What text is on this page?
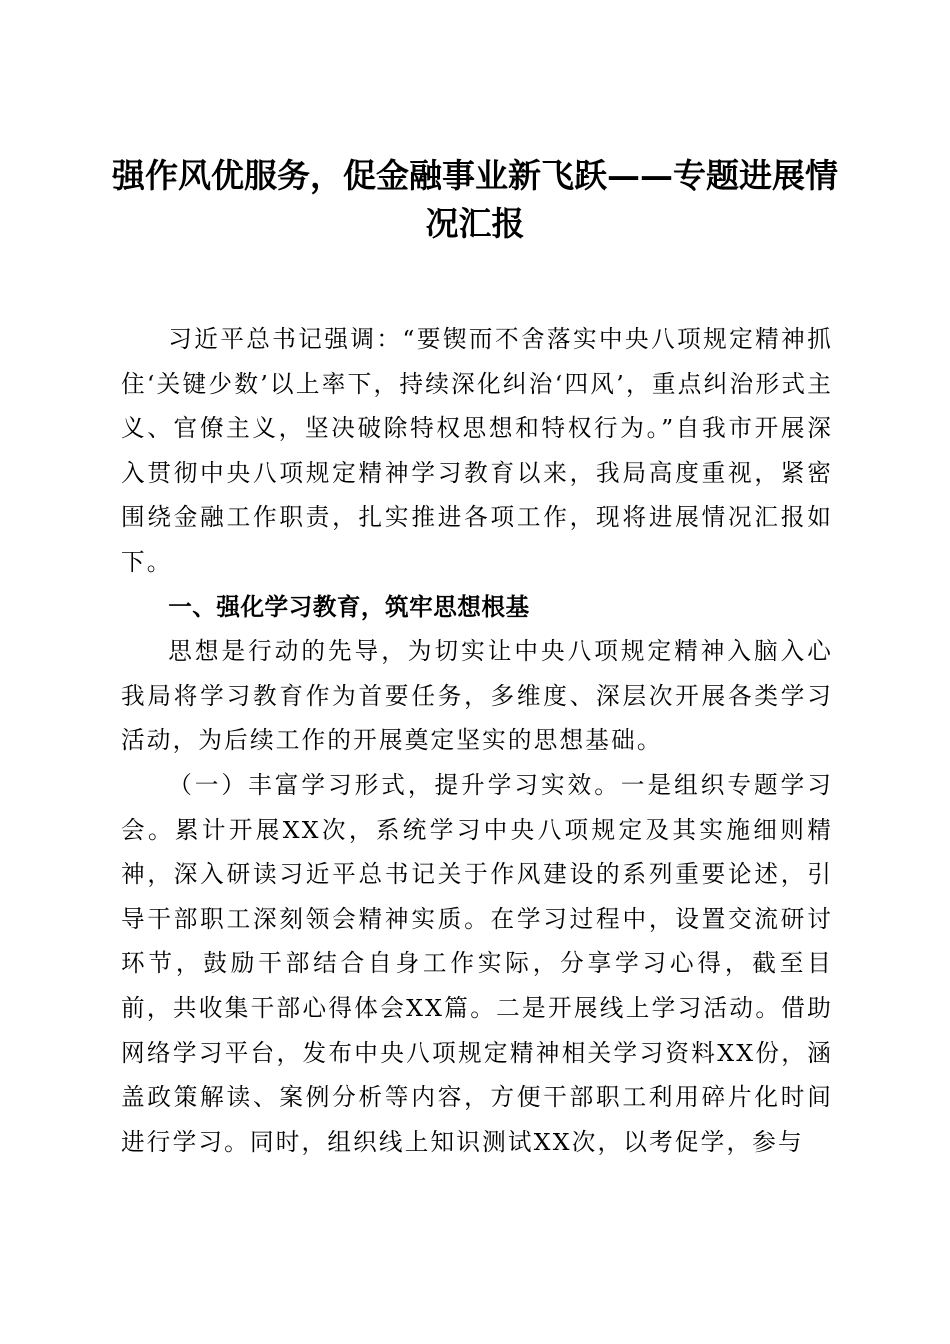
强作风优服务，促金融事业新飞跃——专题进展情况汇报

习近平总书记强调：“要锲而不舍落实中央八项规定精神抓住‘关键少数’以上率下，持续深化纠治‘四风’，重点纠治形式主义、官僚主义，坚决破除特权思想和特权行为。”自我市开展深入贯彻中央八项规定精神学习教育以来，我局高度重视，紧密围绕金融工作职责，扎实推进各项工作，现将进展情况汇报如下。

一、强化学习教育，筑牢思想根基

思想是行动的先导，为切实让中央八项规定精神入脑入心我局将学习教育作为首要任务，多维度、深层次开展各类学习活动，为后续工作的开展奠定坚实的思想基础。

（一）丰富学习形式，提升学习实效。一是组织专题学习会。累计开展XX次，系统学习中央八项规定及其实施细则精神，深入研读习近平总书记关于作风建设的系列重要论述，引导干部职工深刻领会精神实质。在学习过程中，设置交流研讨环节，鼓励干部结合自身工作实际，分享学习心得，截至目前，共收集干部心得体会XX篇。二是开展线上学习活动。借助网络学习平台，发布中央八项规定精神相关学习资料XX份，涵盖政策解读、案例分析等内容，方便干部职工利用碎片化时间进行学习。同时，组织线上知识测试XX次，以考促学，参与
